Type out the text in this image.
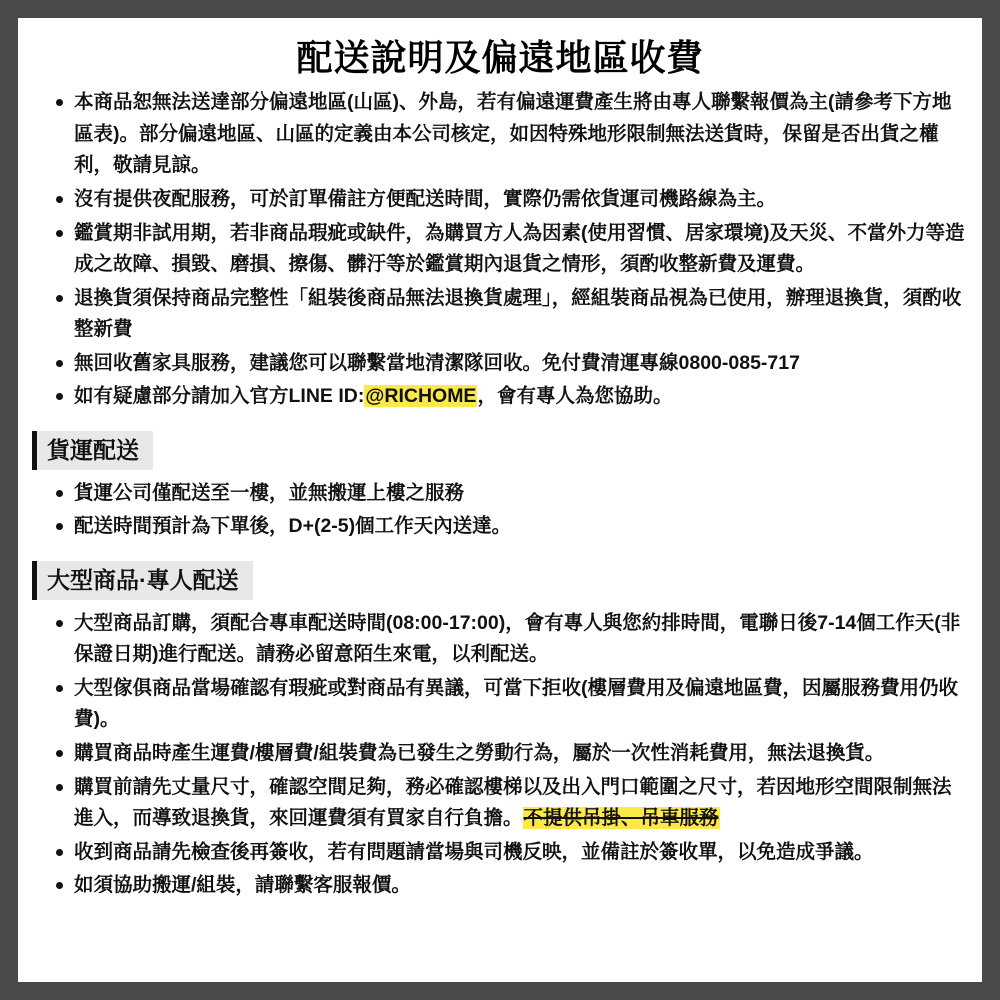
配送說明及偏遠地區收費
本商品恕無法送達部分偏遠地區(山區)、外島，若有偏遠運費產生將由專人聯繫報價為主(請參考下方地區表)。部分偏遠地區、山區的定義由本公司核定，如因特殊地形限制無法送貨時，保留是否出貨之權利，敬請見諒。
沒有提供夜配服務，可於訂單備註方便配送時間，實際仍需依貨運司機路線為主。
鑑賞期非試用期，若非商品瑕疵或缺件，為購買方人為因素(使用習慣、居家環境)及天災、不當外力等造成之故障、損毀、磨損、擦傷、髒汙等於鑑賞期內退貨之情形，須酌收整新費及運費。
退換貨須保持商品完整性「組裝後商品無法退換貨處理」，經組裝商品視為已使用，辦理退換貨，須酌收整新費
無回收舊家具服務，建議您可以聯繫當地清潔隊回收。免付費清運專線0800-085-717
如有疑慮部分請加入官方LINE ID:@RICHOME，會有專人為您協助。
貨運配送
貨運公司僅配送至一樓，並無搬運上樓之服務
配送時間預計為下單後，D+(2-5)個工作天內送達。
大型商品·專人配送
大型商品訂購，須配合專車配送時間(08:00-17:00)，會有專人與您約排時間，電聯日後7-14個工作天(非保證日期)進行配送。請務必留意陌生來電，以利配送。
大型傢俱商品當場確認有瑕疵或對商品有異議，可當下拒收(樓層費用及偏遠地區費，因屬服務費用仍收費)。
購買商品時產生運費/樓層費/組裝費為已發生之勞動行為，屬於一次性消耗費用，無法退換貨。
購買前請先丈量尺寸，確認空間足夠，務必確認樓梯以及出入門口範圍之尺寸，若因地形空間限制無法進入，而導致退換貨，來回運費須有買家自行負擔。不提供吊掛、吊車服務
收到商品請先檢查後再簽收，若有問題請當場與司機反映，並備註於簽收單，以免造成爭議。
如須協助搬運/組裝，請聯繫客服報價。
